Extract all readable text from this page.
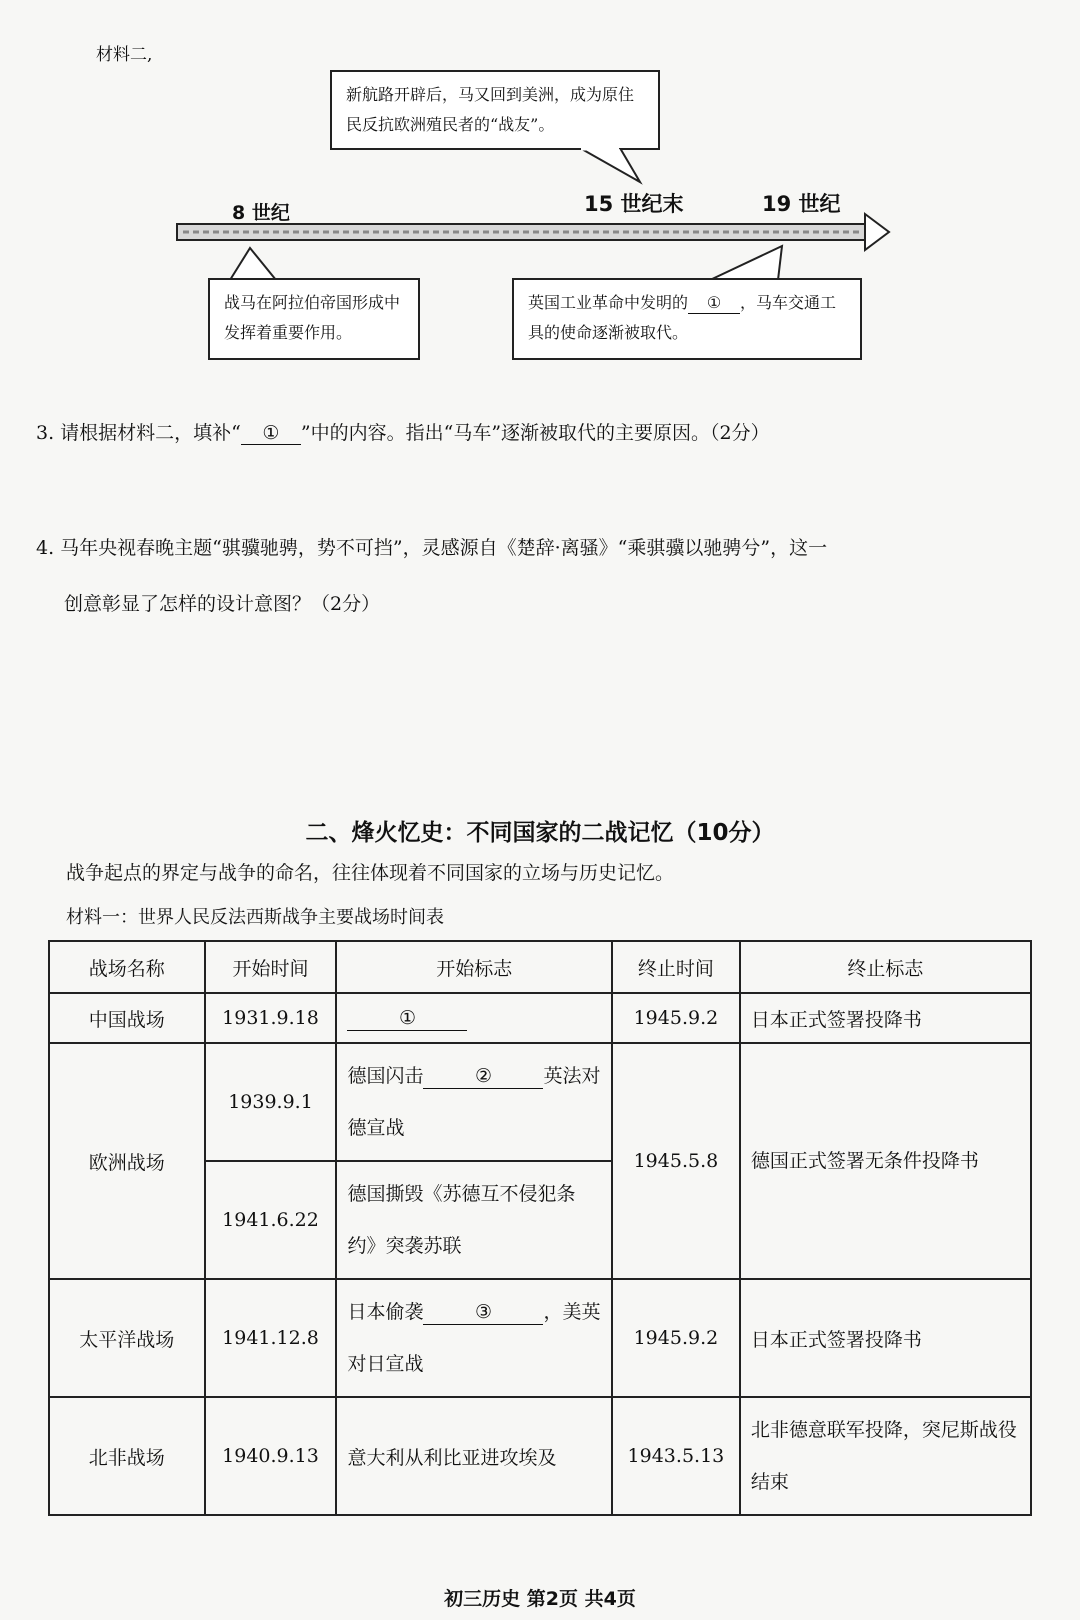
材料二,
新航路开辟后，马又回到美洲，成为原住民反抗欧洲殖民者的“战友”。
8 世纪	15 世纪末	19 世纪
战马在阿拉伯帝国形成中发挥着重要作用。
英国工业革命中发明的 ① ，马车交通工具的使命逐渐被取代。
3. 请根据材料二，填补“ ① ”中的内容。指出“马车”逐渐被取代的主要原因。（2分）
4. 马年央视春晚主题“骐骥驰骋，势不可挡”，灵感源自《楚辞·离骚》“乘骐骥以驰骋兮”，这一
创意彰显了怎样的设计意图？（2分）
二、烽火忆史：不同国家的二战记忆（10分）
战争起点的界定与战争的命名，往往体现着不同国家的立场与历史记忆。
材料一：世界人民反法西斯战争主要战场时间表
战场名称	开始时间	开始标志	终止时间	终止标志
中国战场	1931.9.18	①	1945.9.2	日本正式签署投降书
欧洲战场	1939.9.1	德国闪击 ② 英法对德宣战	1945.5.8	德国正式签署无条件投降书
	1941.6.22	德国撕毁《苏德互不侵犯条约》突袭苏联		
太平洋战场	1941.12.8	日本偷袭 ③ ，美英对日宣战	1945.9.2	日本正式签署投降书
北非战场	1940.9.13	意大利从利比亚进攻埃及	1943.5.13	北非德意联军投降，突尼斯战役结束
初三历史 第2页 共4页
